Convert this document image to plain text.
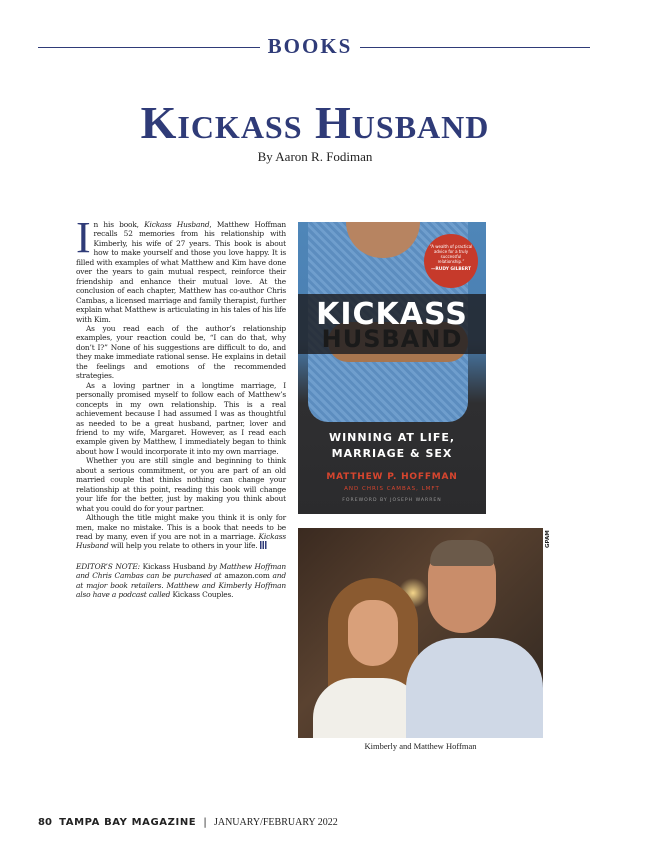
BOOKS
Kickass Husband
By Aaron R. Fodiman

In his book, Kickass Husband, Matthew Hoffman recalls 52 memories from his relationship with Kimberly, his wife of 27 years. This book is about how to make yourself and those you love happy. It is filled with examples of what Matthew and Kim have done over the years to gain mutual respect, reinforce their friendship and enhance their mutual love. At the conclusion of each chapter, Matthew has co-author Chris Cambas, a licensed marriage and family therapist, further explain what Matthew is articulating in his tales of his life with Kim.

As you read each of the author’s relationship examples, your reaction could be, “I can do that, why don’t I?” None of his suggestions are difficult to do, and they make immediate rational sense. He explains in detail the feelings and emotions of the recommended strategies.

As a loving partner in a longtime marriage, I personally promised myself to follow each of Matthew’s concepts in my own relationship. This is a real achievement because I had assumed I was as thoughtful as needed to be a great husband, partner, lover and friend to my wife, Margaret. However, as I read each example given by Matthew, I immediately began to think about how I would incorporate it into my own marriage.

Whether you are still single and beginning to think about a serious commitment, or you are part of an old married couple that thinks nothing can change your relationship at this point, reading this book will change your life for the better, just by making you think about what you could do for your partner.

Although the title might make you think it is only for men, make no mistake. This is a book that needs to be read by many, even if you are not in a marriage. Kickass Husband will help you relate to others in your life.

EDITOR’S NOTE: Kickass Husband by Matthew Hoffman and Chris Cambas can be purchased at amazon.com and at major book retailers. Matthew and Kimberly Hoffman also have a podcast called Kickass Couples.

“A wealth of practical advice for a truly successful relationship.”
—RUDY GILBERT
KICKASS
HUSBAND
WINNING AT LIFE,
MARRIAGE & SEX
MATTHEW P. HOFFMAN
AND CHRIS CAMBAS, LMFT
FOREWORD BY JOSEPH WARREN
GPAM
Kimberly and Matthew Hoffman
80 TAMPA BAY MAGAZINE | JANUARY/FEBRUARY 2022
